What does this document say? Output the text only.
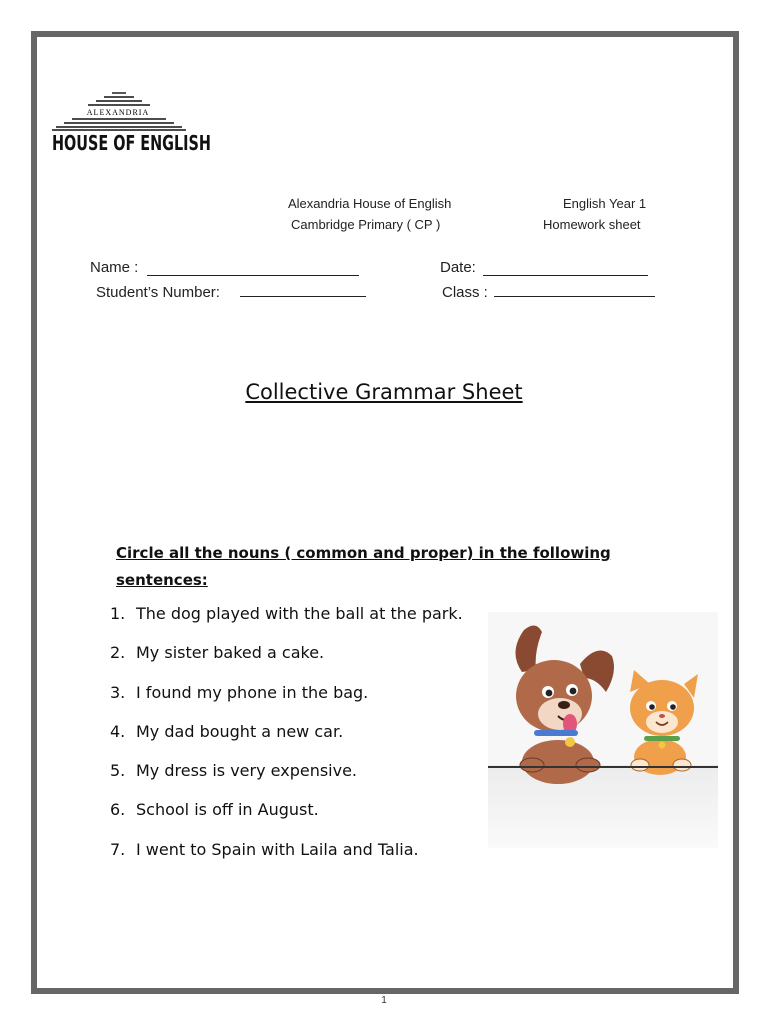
ALEXANDRIA
HOUSE OF ENGLISH
Alexandria House of English
Cambridge Primary ( CP )
English Year 1
Homework sheet
Name :	Date:
Student’s Number:	Class :
Collective Grammar Sheet
Circle all the nouns ( common and proper) in the following sentences:
1. The dog played with the ball at the park.
2. My sister baked a cake.
3. I found my phone in the bag.
4. My dad bought a new car.
5. My dress is very expensive.
6. School is off in August.
7. I went to Spain with Laila and Talia.
1
